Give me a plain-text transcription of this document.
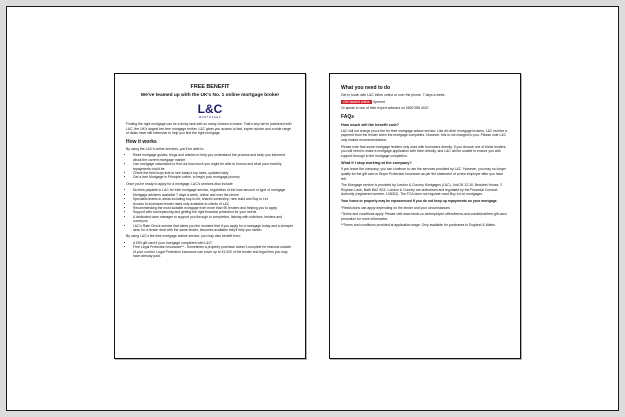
FREE BENEFIT
We've teamed up with the UK's No. 1 online mortgage broker
L&C
MORTGAGES

Finding the right mortgage can be a tricky task with so many choices to make. That's why we've partnered with L&C, the UK's largest fee-free mortgage broker. L&C gives you access to fast, expert advice and a wide range of deals have still extensive to help you find the right mortgage.

How it works

By using the L&C's online services, you'll be able to:

• Read mortgage guides, blogs and articles to help you understand the process and keep you informed about the current mortgage market
• Use mortgage calculators to find out how much you might be able to borrow and what your monthly repayments could be
• Check the best buys lists to see today's top rates, updated daily
• Get a free Mortgage in Principle online, to begin your mortgage journey

Once you're ready to apply for a mortgage, L&C's services also include:

• No fees payable to L&C for their mortgage service, regardless of the loan amount or type of mortgage
• Mortgage advisers available 7 days a week, online and over the phone
• Specialist teams in areas including buy-to-let, shared ownership, new build and Buy to Let
• Access to increased lender rates only available to clients of L&C
• Recommending the most suitable mortgage from more than 90 lenders and helping you to apply
• Support with conveyancing and getting the right financial protection for your needs
• A dedicated case manager to support you through to completion, liaising with solicitors, lenders and surveyors
• L&C's Rate Check service that alerts you the moment that if you apply for a mortgage today and a cheaper deal, for a lender deal with the same lender, becomes available they'll help you switch.

By using L&C's fee-free mortgage advice service, you may also benefit from:

• A £50 gift card if your mortgage completes with L&C*
• Free Legal Protection Insurance** - Sometimes a property purchase doesn't complete for reasons outside of your control. Legal Protection insurance can cover up to £1,000 of the lender and legal fees you may have already paid.
What you need to do

Get in touch with L&C either online or over the phone, 7 days a week.

Get started online Opened

Or speak to one of their expert advisers on 0800 955 4047

FAQs
How much will the benefit cost?

L&C will not charge you a fee for their mortgage advice service. Like all other mortgage brokers, L&C receive a payment from the lender when the mortgage completes. However, this is not charged to you. Please note L&C only makes recommendations.

Please note that some mortgage lenders only work with borrowers directly. If you choose one of these lenders, you will need to make a mortgage application with them directly, and L&C will be unable to ensure you with support through to the mortgage completion.

What if I stop working at the company?

If you leave the company, you can continue to use the services provided by L&C. However, you may no longer qualify for the gift card or Buyer Protection Insurance as per the statement of a new employer after you have left.

The Mortgage service is provided by London & Country Mortgages (L&C), Unit 26 12-30, Beaufort House, 2 Royston Lane, Bath BA2 3GZ. London & Country are authorised and regulated by the Financial Conduct Authority (registered number: 143002). The FCA does not regulate most Buy to Let mortgages.

Your home or property may be repossessed if you do not keep up repayments on your mortgage.

*Restrictions can apply depending on the lender and your circumstances.

*Terms and conditions apply. Please visit www.landc.co.uk/employee-offers/terms-and-conditions/free-gift-card-promotion for more information.

**Terms and conditions provided at application stage. Only available for purchases in England & Wales.
